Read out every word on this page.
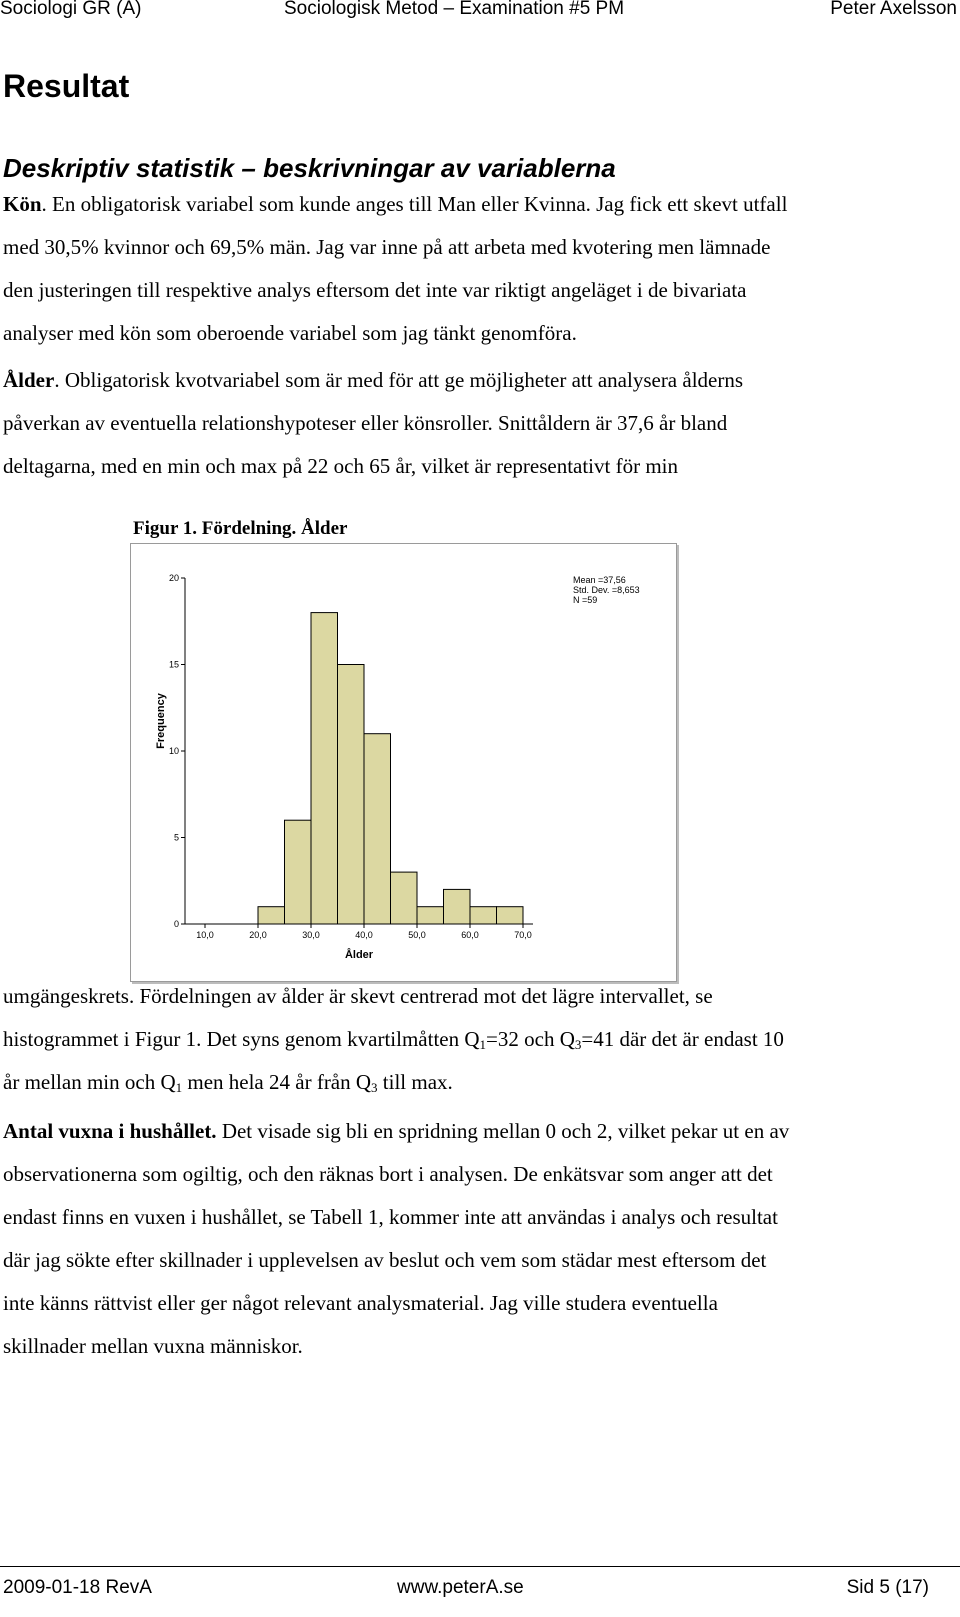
Sociologi GR (A)	Sociologisk Metod – Examination #5 PM	Peter Axelsson
Resultat
Deskriptiv statistik – beskrivningar av variablerna
Kön. En obligatorisk variabel som kunde anges till Man eller Kvinna. Jag fick ett skevt utfall
med 30,5% kvinnor och 69,5% män. Jag var inne på att arbeta med kvotering men lämnade
den justeringen till respektive analys eftersom det inte var riktigt angeläget i de bivariata
analyser med kön som oberoende variabel som jag tänkt genomföra.
Ålder. Obligatorisk kvotvariabel som är med för att ge möjligheter att analysera ålderns
påverkan av eventuella relationshypoteser eller könsroller. Snittåldern är 37,6 år bland
deltagarna, med en min och max på 22 och 65 år, vilket är representativt för min
Figur 1. Fördelning. Ålder
0
5
10
15
20
10,0	20,0	30,0	40,0	50,0	60,0	70,0
Ålder
Frequency
Mean =37,56
Std. Dev. =8,653
N =59
umgängeskrets. Fördelningen av ålder är skevt centrerad mot det lägre intervallet, se
histogrammet i Figur 1. Det syns genom kvartilmåtten $Q_1=32$ och $Q_3=41$ där det är endast 10
år mellan min och $Q_1$ men hela 24 år från $Q_3$ till max.
Antal vuxna i hushållet. Det visade sig bli en spridning mellan 0 och 2, vilket pekar ut en av
observationerna som ogiltig, och den räknas bort i analysen. De enkätsvar som anger att det
endast finns en vuxen i hushållet, se Tabell 1, kommer inte att användas i analys och resultat
där jag sökte efter skillnader i upplevelsen av beslut och vem som städar mest eftersom det
inte känns rättvist eller ger något relevant analysmaterial. Jag ville studera eventuella
skillnader mellan vuxna människor.
2009-01-18 RevA	www.peterA.se	Sid 5 (17)
